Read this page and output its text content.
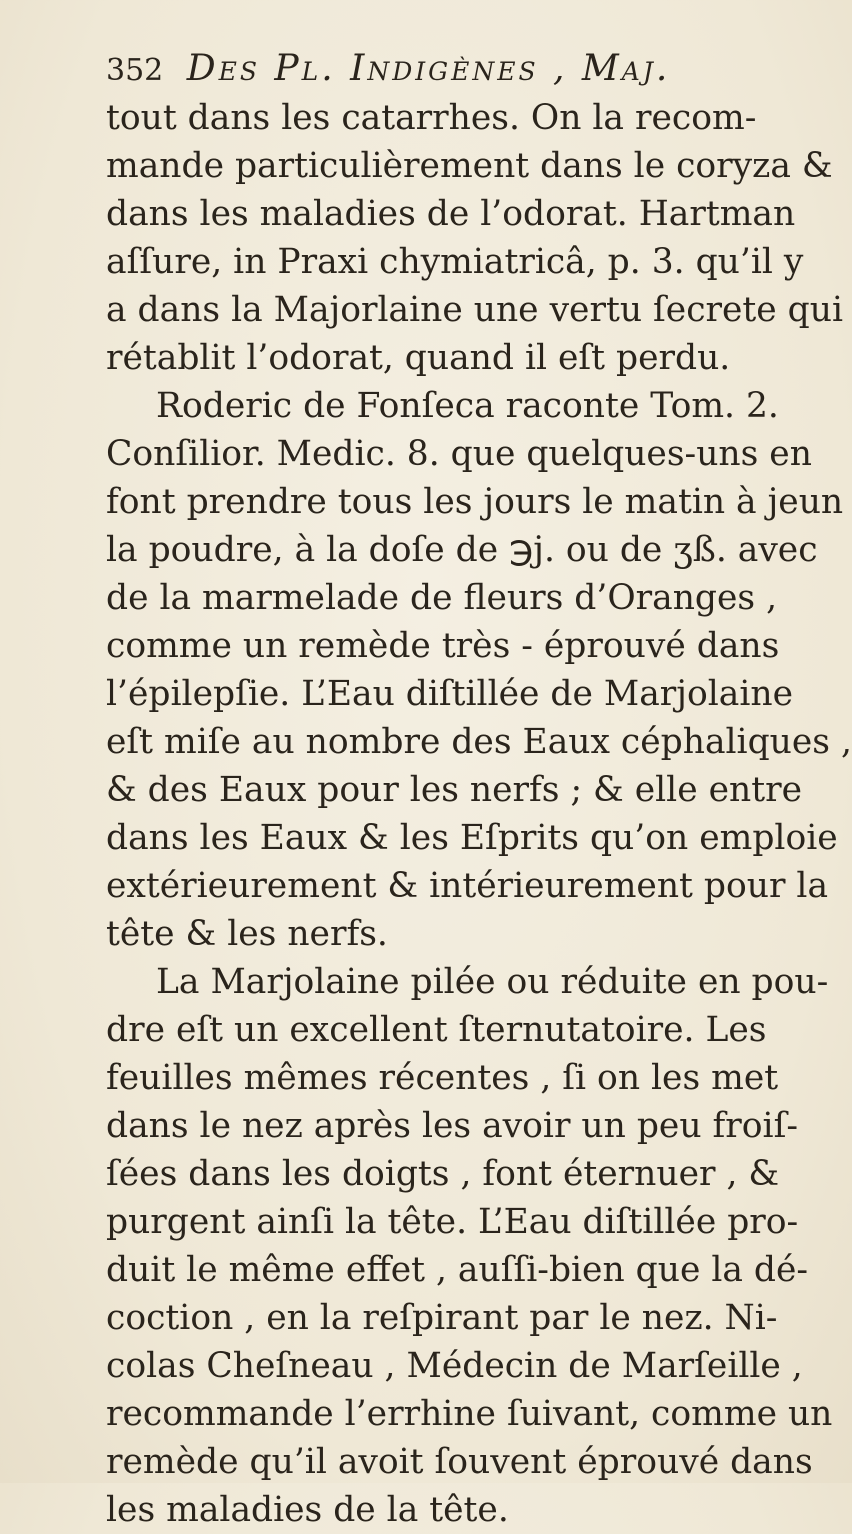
352 Des Pl. Indigènes , Maj.
tout dans les catarrhes. On la recom-
mande particulièrement dans le coryza &
dans les maladies de l’odorat. Hartman
aſſure, in Praxi chymiatricâ, p. 3. qu’il y
a dans la Majorlaine une vertu ſecrete qui
rétablit l’odorat, quand il eſt perdu.
Roderic de Fonſeca raconte Tom. 2.
Conſilior. Medic. 8. que quelques-uns en
font prendre tous les jours le matin à jeun
la poudre, à la doſe de ℈j. ou de ʒß. avec
de la marmelade de fleurs d’Oranges ,
comme un remède très - éprouvé dans
l’épilepſie. L’Eau diſtillée de Marjolaine
eſt miſe au nombre des Eaux céphaliques ,
& des Eaux pour les nerfs ; & elle entre
dans les Eaux & les Eſprits qu’on emploie
extérieurement & intérieurement pour la
tête & les nerfs.
La Marjolaine pilée ou réduite en pou-
dre eſt un excellent ſternutatoire. Les
feuilles mêmes récentes , ſi on les met
dans le nez après les avoir un peu froiſ-
ſées dans les doigts , font éternuer , &
purgent ainſi la tête. L’Eau diſtillée pro-
duit le même effet , auſſi-bien que la dé-
coction , en la reſpirant par le nez. Ni-
colas Cheſneau , Médecin de Marſeille ,
recommande l’errhine ſuivant, comme un
remède qu’il avoit ſouvent éprouvé dans
les maladies de la tête.
